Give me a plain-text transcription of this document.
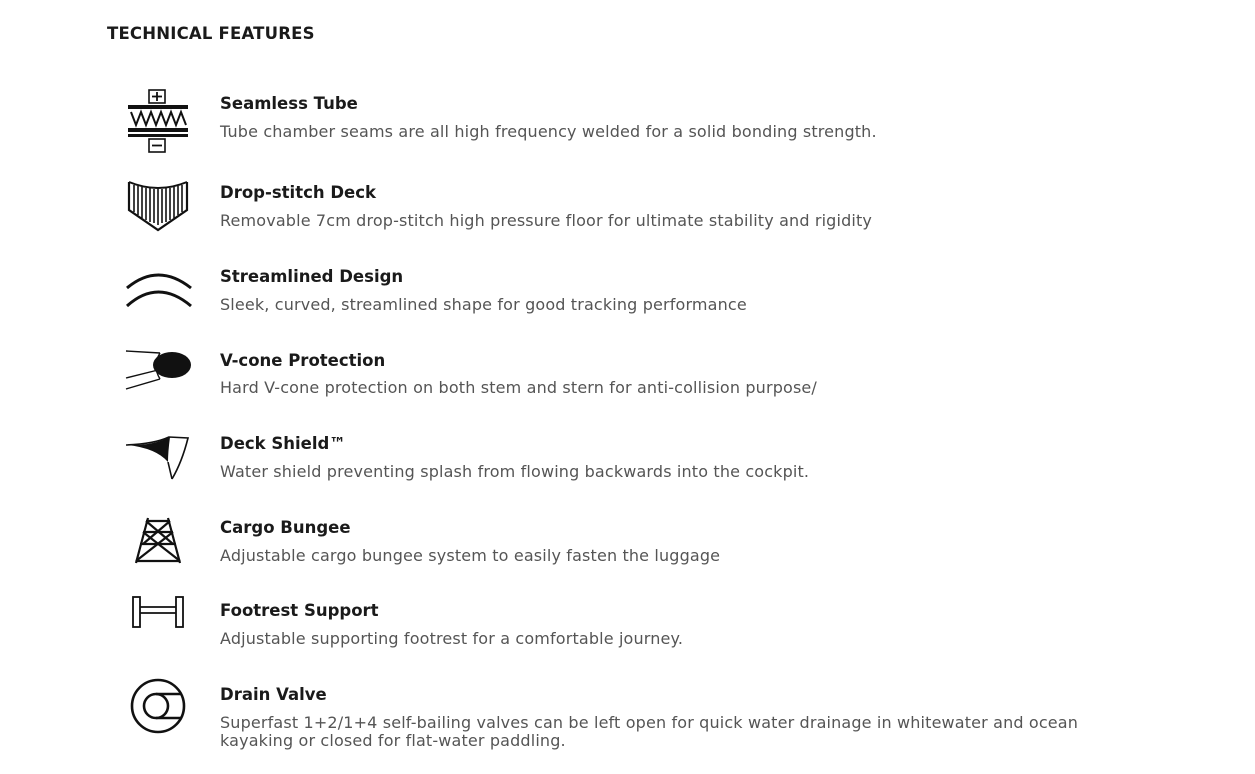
TECHNICAL FEATURES
Seamless Tube
Tube chamber seams are all high frequency welded for a solid bonding strength.
Drop-stitch Deck
Removable 7cm drop-stitch high pressure floor for ultimate stability and rigidity
Streamlined Design
Sleek, curved, streamlined shape for good tracking performance
V-cone Protection
Hard V-cone protection on both stem and stern for anti-collision purpose/
Deck Shield™
Water shield preventing splash from flowing backwards into the cockpit.
Cargo Bungee
Adjustable cargo bungee system to easily fasten the luggage
Footrest Support
Adjustable supporting footrest for a comfortable journey.
Drain Valve
Superfast 1+2/1+4 self-bailing valves can be left open for quick water drainage in whitewater and ocean kayaking or closed for flat-water paddling.
